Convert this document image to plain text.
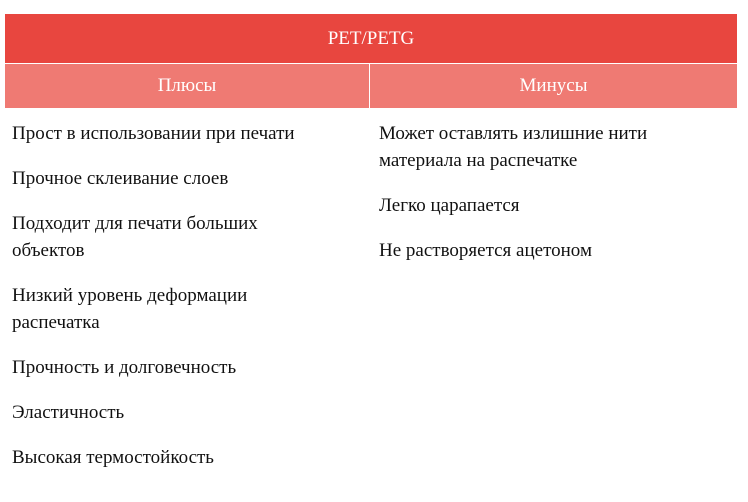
PET/PETG
Плюсы	Минусы
Прост в использовании при печати
Прочное склеивание слоев
Подходит для печати больших объектов
Низкий уровень деформации распечатка
Прочность и долговечность
Эластичность
Высокая термостойкость
Может оставлять излишние нити материала на распечатке
Легко царапается
Не растворяется ацетоном
